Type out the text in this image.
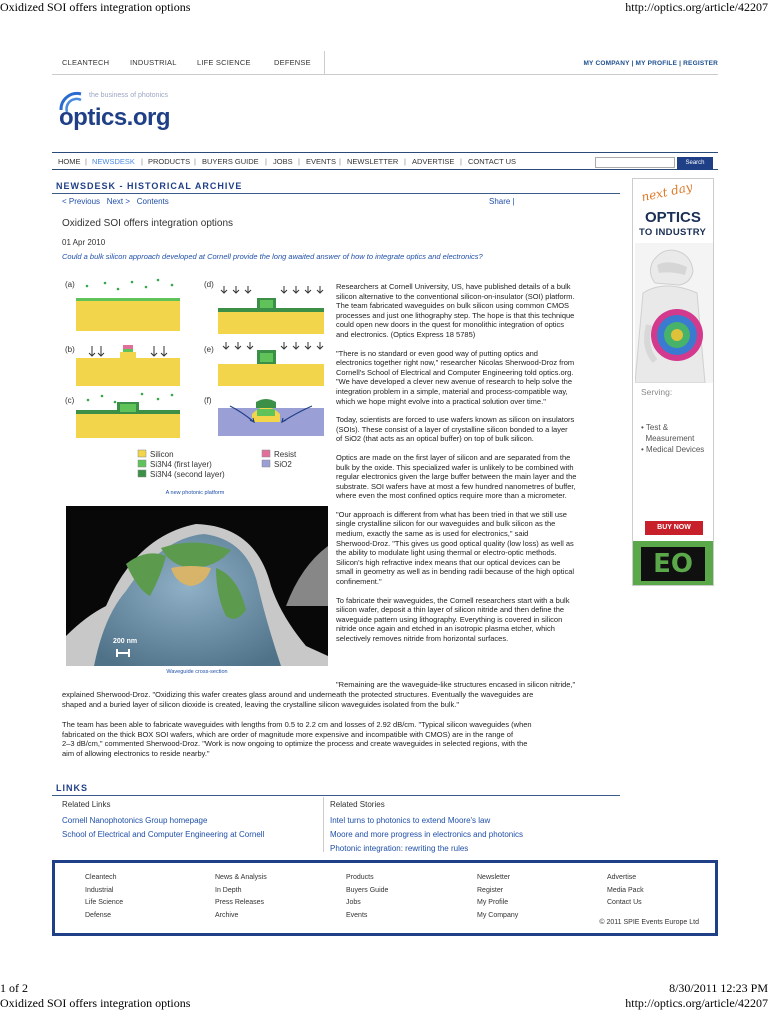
Oxidized SOI offers integration options	http://optics.org/article/42207
CLEANTECH	INDUSTRIAL	LIFE SCIENCE	DEFENSE	MY COMPANY | MY PROFILE | REGISTER
the business of photonics
optics.org
HOME | NEWSDESK | PRODUCTS | BUYERS GUIDE | JOBS | EVENTS | NEWSLETTER | ADVERTISE | CONTACT US	Search
NEWSDESK - HISTORICAL ARCHIVE
< Previous Next > Contents	Share |
Oxidized SOI offers integration options
01 Apr 2010
Could a bulk silicon approach developed at Cornell provide the long awaited answer of how to integrate optics and electronics?
(a)
(b)
(c)
(d)
(e)
(f)
Silicon
Si3N4 (first layer)
Si3N4 (second layer)
Resist
SiO2
A new photonic platform
200 nm
Waveguide cross-section
Researchers at Cornell University, US, have published details of a bulk
silicon alternative to the conventional silicon-on-insulator (SOI) platform.
The team fabricated waveguides on bulk silicon using common CMOS
processes and just one lithography step. The hope is that this technique
could open new doors in the quest for monolithic integration of optics
and electronics. (Optics Express 18 5785)
"There is no standard or even good way of putting optics and
electronics together right now," researcher Nicolas Sherwood-Droz from
Cornell's School of Electrical and Computer Engineering told optics.org.
"We have developed a clever new avenue of research to help solve the
integration problem in a simple, material and process-compatible way,
which we hope might evolve into a practical solution over time."
Today, scientists are forced to use wafers known as silicon on insulators
(SOIs). These consist of a layer of crystalline silicon bonded to a layer
of SiO2 (that acts as an optical buffer) on top of bulk silicon.
Optics are made on the first layer of silicon and are separated from the
bulk by the oxide. This specialized wafer is unlikely to be combined with
regular electronics given the large buffer between the main layer and the
substrate. SOI wafers have at most a few hundred nanometres of buffer,
where even the most confined optics require more than a micrometer.
"Our approach is different from what has been tried in that we still use
single crystalline silicon for our waveguides and bulk silicon as the
medium, exactly the same as is used for electronics," said
Sherwood-Droz. "This gives us good optical quality (low loss) as well as
the ability to modulate light using thermal or electro-optic methods.
Silicon's high refractive index means that our optical devices can be
small in geometry as well as in bending radii because of the high optical
confinement."
To fabricate their waveguides, the Cornell researchers start with a bulk
silicon wafer, deposit a thin layer of silicon nitride and then define the
waveguide pattern using lithography. Everything is covered in silicon
nitride once again and etched in an isotropic plasma etcher, which
selectively removes nitride from horizontal surfaces.
"Remaining are the waveguide-like structures encased in silicon nitride,"
explained Sherwood-Droz. "Oxidizing this wafer creates glass around and underneath the protected structures. Eventually the waveguides are
shaped and a buried layer of silicon dioxide is created, leaving the crystalline silicon waveguides isolated from the bulk."
The team has been able to fabricate waveguides with lengths from 0.5 to 2.2 cm and losses of 2.92 dB/cm. "Typical silicon waveguides (when
fabricated on the thick BOX SOI wafers, which are order of magnitude more expensive and incompatible with CMOS) are in the range of
2–3 dB/cm," commented Sherwood-Droz. "Work is now ongoing to optimize the process and create waveguides in selected regions, with the
aim of allowing electronics to reside nearby."
LINKS
Related Links
Cornell Nanophotonics Group homepage
School of Electrical and Computer Engineering at Cornell
Related Stories
Intel turns to photonics to extend Moore's law
Moore and more progress in electronics and photonics
Photonic integration: rewriting the rules
Cleantech
Industrial
Life Science
Defense
News & Analysis
In Depth
Press Releases
Archive
Products
Buyers Guide
Jobs
Events
Newsletter
Register
My Profile
My Company
Advertise
Media Pack
Contact Us
© 2011 SPIE Events Europe Ltd
next day
OPTICS
TO INDUSTRY
Serving:

• Test &
Measurement
• Medical Devices

BUY NOW
EO
1 of 2	8/30/2011 12:23 PM
Oxidized SOI offers integration options	http://optics.org/article/42207
